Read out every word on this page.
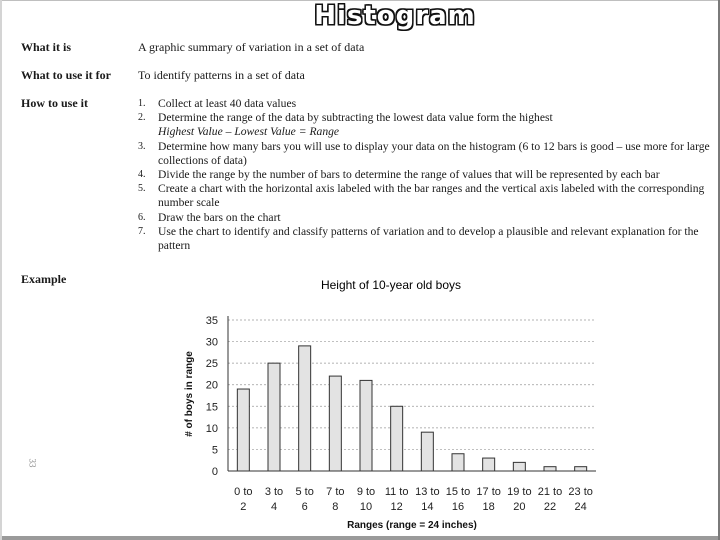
Histogram
What it is	A graphic summary of variation in a set of data
What to use it for To identify patterns in a set of data
How to use it	1. Collect at least 40 data values
2. Determine the range of the data by subtracting the lowest data value form the highest
Highest Value – Lowest Value = Range
3. Determine how many bars you will use to display your data on the histogram (6 to 12 bars is good – use more for large collections of data)
4. Divide the range by the number of bars to determine the range of values that will be represented by each bar
5. Create a chart with the horizontal axis labeled with the bar ranges and the vertical axis labeled with the corresponding number scale
6. Draw the bars on the chart
7. Use the chart to identify and classify patterns of variation and to develop a plausible and relevant explanation for the pattern
Example
33
Height of 10-year old boys
0
5
10
15
20
25
30
35
0 to
2
3 to
4
5 to
6
7 to
8
9 to
10
11 to
12
13 to
14
15 to
16
17 to
18
19 to
20
21 to
22
23 to
24
# of boys in range
Ranges (range = 24 inches)
